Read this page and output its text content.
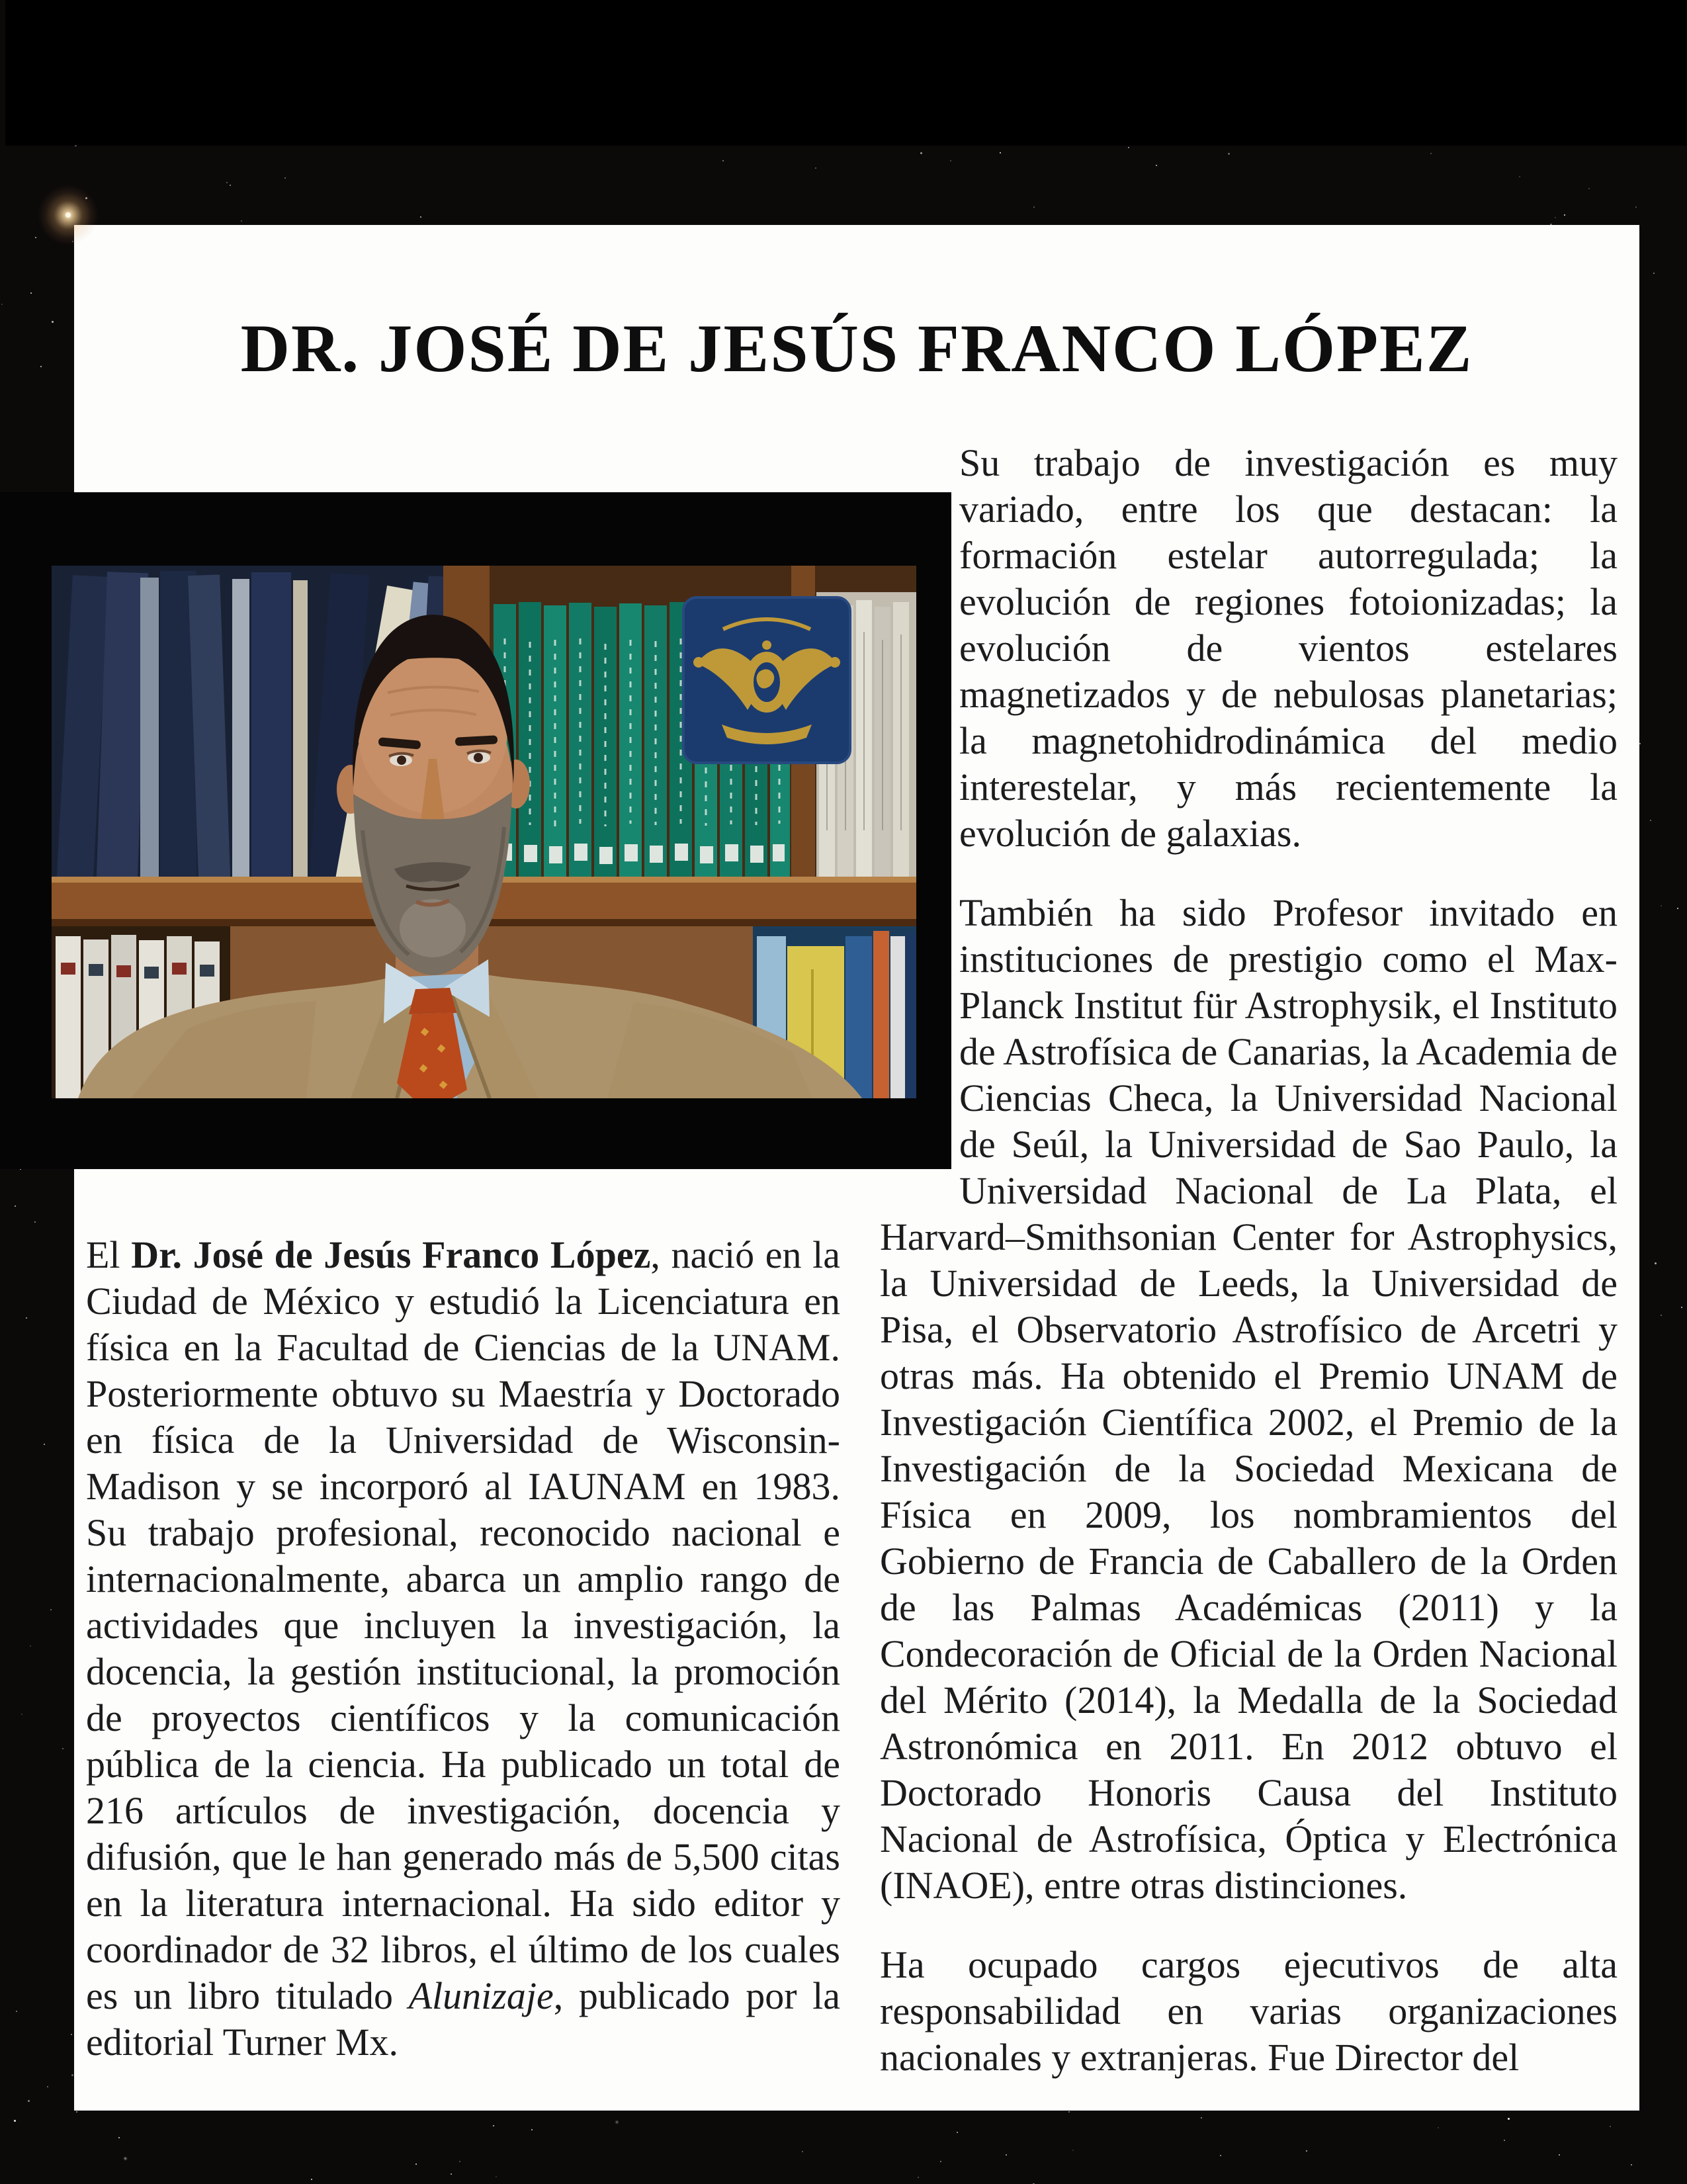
DR. JOSÉ DE JESÚS FRANCO LÓPEZ

Su trabajo de investigación es muy variado, entre los que destacan: la formación estelar autorregulada; la evolución de regiones fotoionizadas; la evolución de vientos estelares magnetizados y de nebulosas planetarias; la magnetohidrodinámica del medio interestelar, y más recientemente la evolución de galaxias.

También ha sido Profesor invitado en instituciones de prestigio como el Max-Planck Institut für Astrophysik, el Instituto de Astrofísica de Canarias, la Academia de Ciencias Checa, la Universidad Nacional de Seúl, la Universidad de Sao Paulo, la Universidad Nacional de La Plata, el Harvard–Smithsonian Center for Astrophysics, la Universidad de Leeds, la Universidad de Pisa, el Observatorio Astrofísico de Arcetri y otras más. Ha obtenido el Premio UNAM de Investigación Científica 2002, el Premio de la Investigación de la Sociedad Mexicana de Física en 2009, los nombramientos del Gobierno de Francia de Caballero de la Orden de las Palmas Académicas (2011) y la Condecoración de Oficial de la Orden Nacional del Mérito (2014), la Medalla de la Sociedad Astronómica en 2011. En 2012 obtuvo el Doctorado Honoris Causa del Instituto Nacional de Astrofísica, Óptica y Electrónica (INAOE), entre otras distinciones.

Ha ocupado cargos ejecutivos de alta responsabilidad en varias organizaciones nacionales y extranjeras. Fue Director del

El Dr. José de Jesús Franco López, nació en la Ciudad de México y estudió la Licenciatura en física en la Facultad de Ciencias de la UNAM. Posteriormente obtuvo su Maestría y Doctorado en física de la Universidad de Wisconsin-Madison y se incorporó al IAUNAM en 1983. Su trabajo profesional, reconocido nacional e internacionalmente, abarca un amplio rango de actividades que incluyen la investigación, la docencia, la gestión institucional, la promoción de proyectos científicos y la comunicación pública de la ciencia. Ha publicado un total de 216 artículos de investigación, docencia y difusión, que le han generado más de 5,500 citas en la literatura internacional. Ha sido editor y coordinador de 32 libros, el último de los cuales es un libro titulado Alunizaje, publicado por la editorial Turner Mx.
